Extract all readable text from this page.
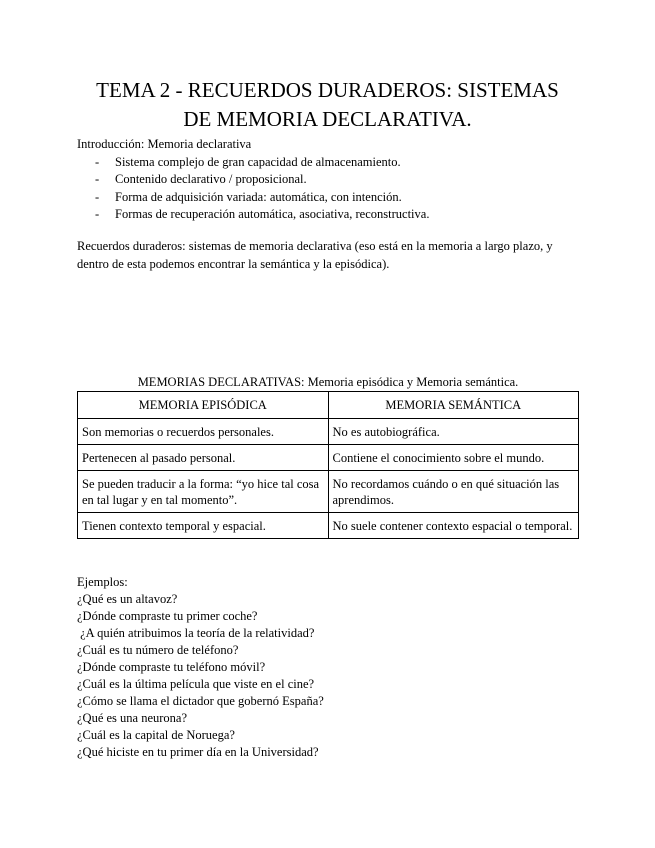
TEMA 2 - RECUERDOS DURADEROS: SISTEMAS
DE MEMORIA DECLARATIVA.
Introducción: Memoria declarativa
- Sistema complejo de gran capacidad de almacenamiento.
- Contenido declarativo / proposicional.
- Forma de adquisición variada: automática, con intención.
- Formas de recuperación automática, asociativa, reconstructiva.

Recuerdos duraderos: sistemas de memoria declarativa (eso está en la memoria a largo plazo, y dentro de esta podemos encontrar la semántica y la episódica).

MEMORIAS DECLARATIVAS: Memoria episódica y Memoria semántica.
MEMORIA EPISÓDICA	MEMORIA SEMÁNTICA
Son memorias o recuerdos personales.	No es autobiográfica.
Pertenecen al pasado personal.	Contiene el conocimiento sobre el mundo.
Se pueden traducir a la forma: “yo hice tal cosa en tal lugar y en tal momento”.	No recordamos cuándo o en qué situación las aprendimos.
Tienen contexto temporal y espacial.	No suele contener contexto espacial o temporal.
Ejemplos:
¿Qué es un altavoz?
¿Dónde compraste tu primer coche?
¿A quién atribuimos la teoría de la relatividad?
¿Cuál es tu número de teléfono?
¿Dónde compraste tu teléfono móvil?
¿Cuál es la última película que viste en el cine?
¿Cómo se llama el dictador que gobernó España?
¿Qué es una neurona?
¿Cuál es la capital de Noruega?
¿Qué hiciste en tu primer día en la Universidad?
